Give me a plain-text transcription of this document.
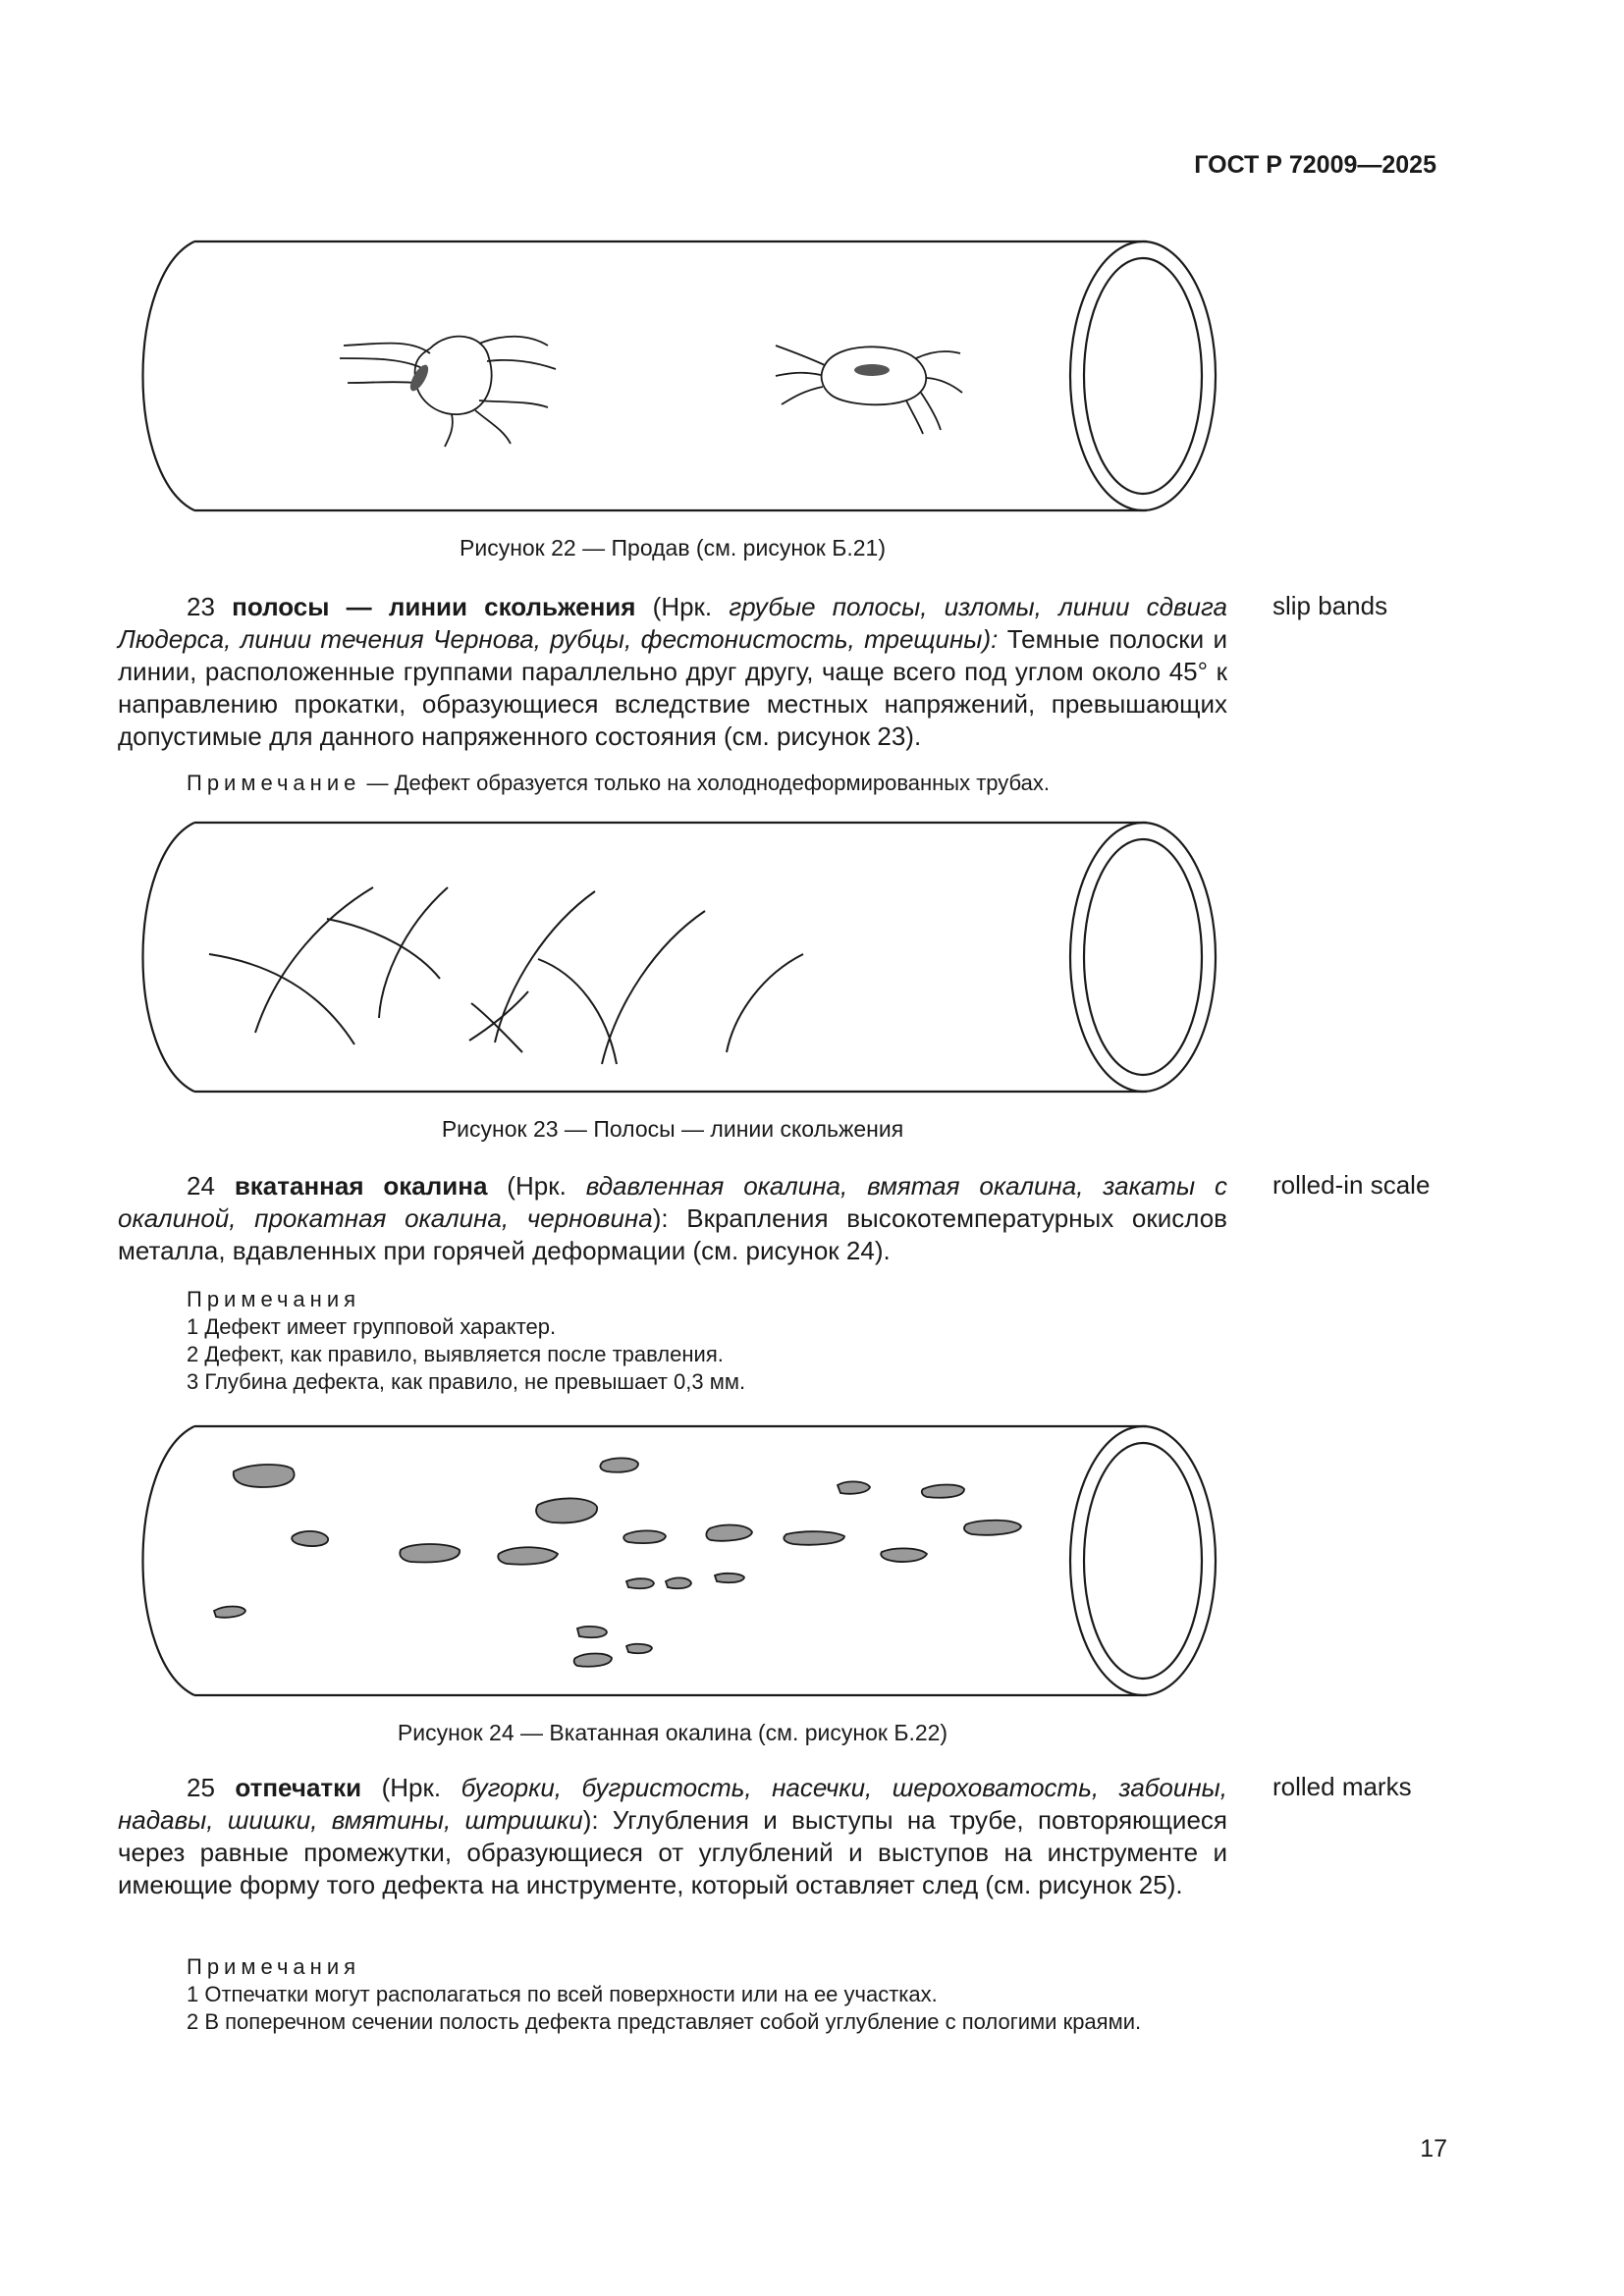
ГОСТ Р 72009—2025
Рисунок 22 — Продав (см. рисунок Б.21)

23 полосы — линии скольжения (Нрк. грубые полосы, изломы, линии сдвига Людерса, линии течения Чернова, рубцы, фестонистость, трещины): Темные полоски и линии, расположенные группами параллельно друг другу, чаще всего под углом около 45° к направлению прокатки, образующиеся вследствие местных напряжений, превышающих допустимые для данного напряженного состояния (см. рисунок 23).

slip bands
Примечание — Дефект образуется только на холоднодеформированных трубах.
Рисунок 23 — Полосы — линии скольжения

24 вкатанная окалина (Нрк. вдавленная окалина, вмятая окалина, закаты с окалиной, прокатная окалина, черновина): Вкрапления высокотемпературных окислов металла, вдавленных при горячей деформации (см. рисунок 24).

rolled-in scale
Примечания
1 Дефект имеет групповой характер.
2 Дефект, как правило, выявляется после травления.
3 Глубина дефекта, как правило, не превышает 0,3 мм.
Рисунок 24 — Вкатанная окалина (см. рисунок Б.22)

25 отпечатки (Нрк. бугорки, бугристость, насечки, шероховатость, забоины, надавы, шишки, вмятины, штришки): Углубления и выступы на трубе, повторяющиеся через равные промежутки, образующиеся от углублений и выступов на инструменте и имеющие форму того дефекта на инструменте, который оставляет след (см. рисунок 25).

rolled marks
Примечания
1 Отпечатки могут располагаться по всей поверхности или на ее участках.
2 В поперечном сечении полость дефекта представляет собой углубление с пологими краями.
17
